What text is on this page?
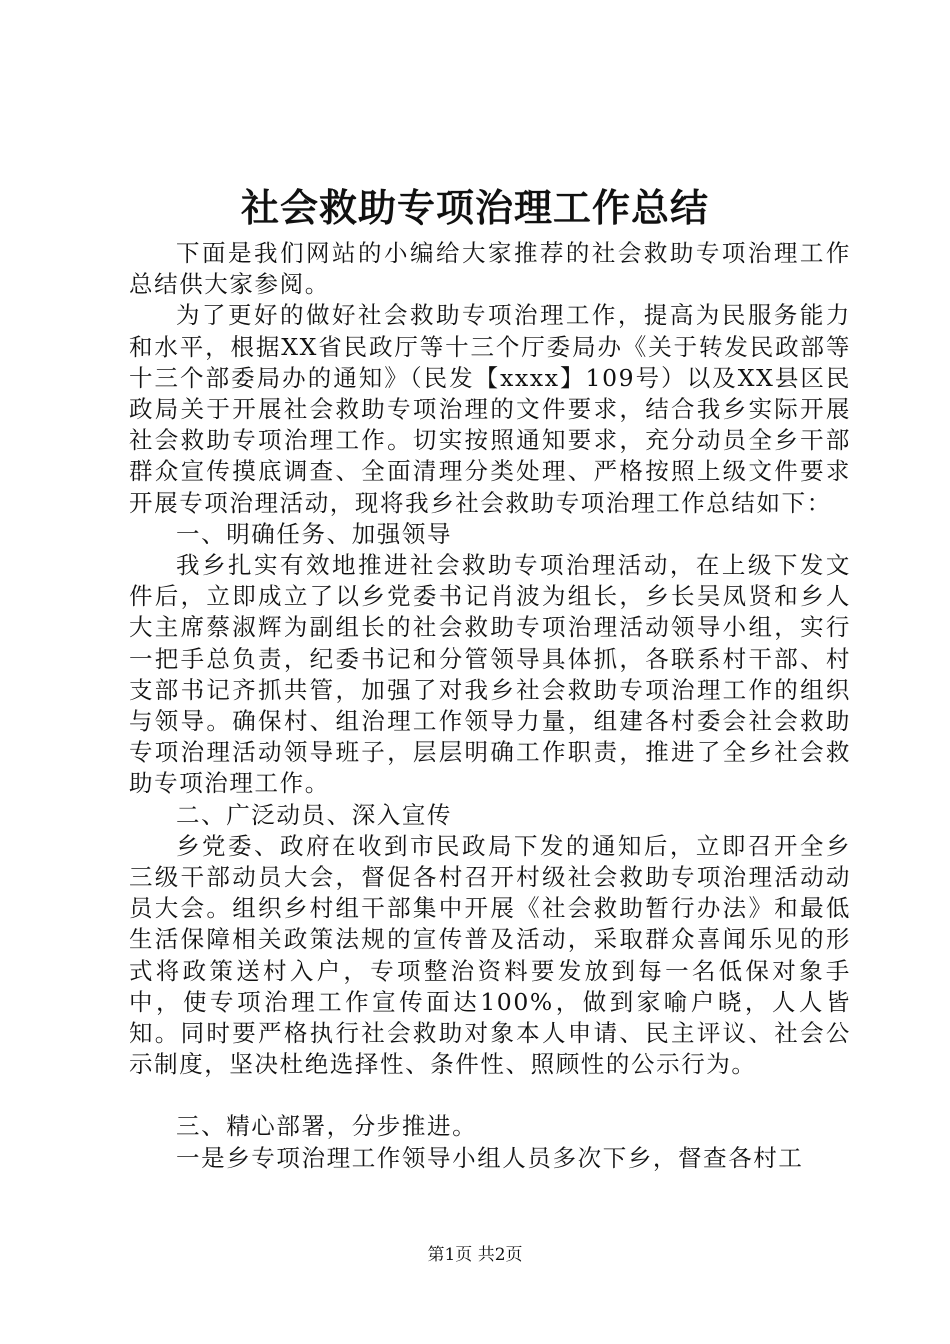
社会救助专项治理工作总结

下面是我们网站的小编给大家推荐的社会救助专项治理工作总结供大家参阅。

为了更好的做好社会救助专项治理工作，提高为民服务能力和水平，根据XX省民政厅等十三个厅委局办《关于转发民政部等十三个部委局办的通知》（民发【xxxx】109号）以及XX县区民政局关于开展社会救助专项治理的文件要求，结合我乡实际开展社会救助专项治理工作。切实按照通知要求，充分动员全乡干部群众宣传摸底调查、全面清理分类处理、严格按照上级文件要求开展专项治理活动，现将我乡社会救助专项治理工作总结如下：

一、明确任务、加强领导

我乡扎实有效地推进社会救助专项治理活动，在上级下发文件后，立即成立了以乡党委书记肖波为组长，乡长吴凤贤和乡人大主席蔡淑辉为副组长的社会救助专项治理活动领导小组，实行一把手总负责，纪委书记和分管领导具体抓，各联系村干部、村支部书记齐抓共管，加强了对我乡社会救助专项治理工作的组织与领导。确保村、组治理工作领导力量，组建各村委会社会救助专项治理活动领导班子，层层明确工作职责，推进了全乡社会救助专项治理工作。

二、广泛动员、深入宣传

乡党委、政府在收到市民政局下发的通知后，立即召开全乡三级干部动员大会，督促各村召开村级社会救助专项治理活动动员大会。组织乡村组干部集中开展《社会救助暂行办法》和最低生活保障相关政策法规的宣传普及活动，采取群众喜闻乐见的形式将政策送村入户，专项整治资料要发放到每一名低保对象手中，使专项治理工作宣传面达100%，做到家喻户晓，人人皆知。同时要严格执行社会救助对象本人申请、民主评议、社会公示制度，坚决杜绝选择性、条件性、照顾性的公示行为。

三、精心部署，分步推进。

一是乡专项治理工作领导小组人员多次下乡，督查各村工

第1页 共2页
